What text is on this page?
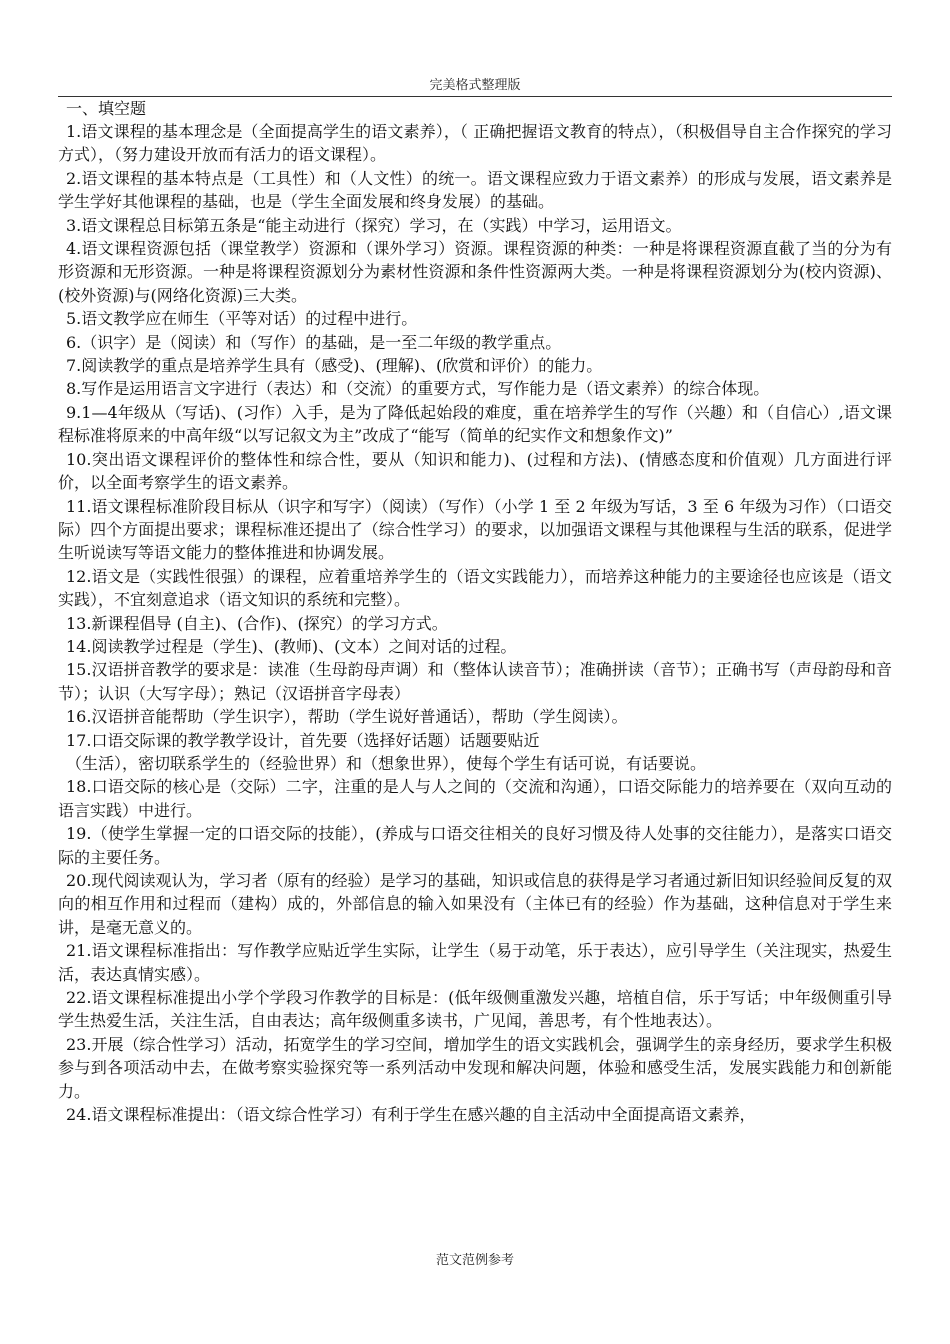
完美格式整理版
一、填空题

1.语文课程的基本理念是（全面提高学生的语文素养），（ 正确把握语文教育的特点），（积极倡导自主合作探究的学习方式），（努力建设开放而有活力的语文课程）。

2.语文课程的基本特点是（工具性）和（人文性）的统一。语文课程应致力于语文素养）的形成与发展，语文素养是学生学好其他课程的基础，也是（学生全面发展和终身发展）的基础。

3.语文课程总目标第五条是“能主动进行（探究）学习，在（实践）中学习，运用语文。

4.语文课程资源包括（课堂教学）资源和（课外学习）资源。课程资源的种类：一种是将课程资源直截了当的分为有形资源和无形资源。一种是将课程资源划分为素材性资源和条件性资源两大类。一种是将课程资源划分为(校内资源)、(校外资源)与(网络化资源)三大类。

5.语文教学应在师生（平等对话）的过程中进行。

6.（识字）是（阅读）和（写作）的基础，是一至二年级的教学重点。

7.阅读教学的重点是培养学生具有（感受)、(理解)、(欣赏和评价）的能力。

8.写作是运用语言文字进行（表达）和（交流）的重要方式，写作能力是（语文素养）的综合体现。

9.1—4年级从（写话)、(习作）入手，是为了降低起始段的难度，重在培养学生的写作（兴趣）和（自信心）,语文课程标准将原来的中高年级“以写记叙文为主”改成了“能写（简单的纪实作文和想象作文)”

10.突出语文课程评价的整体性和综合性，要从（知识和能力)、(过程和方法)、(情感态度和价值观）几方面进行评价，以全面考察学生的语文素养。

11.语文课程标准阶段目标从（识字和写字）（阅读）（写作）（小学 1 至 2 年级为写话，3 至 6 年级为习作）（口语交际）四个方面提出要求；课程标准还提出了（综合性学习）的要求，以加强语文课程与其他课程与生活的联系，促进学生听说读写等语文能力的整体推进和协调发展。

12.语文是（实践性很强）的课程，应着重培养学生的（语文实践能力），而培养这种能力的主要途径也应该是（语文实践），不宜刻意追求（语文知识的系统和完整）。

13.新课程倡导 (自主)、(合作)、(探究）的学习方式。

14.阅读教学过程是（学生)、(教师)、(文本）之间对话的过程。

15.汉语拼音教学的要求是：读准（生母韵母声调）和（整体认读音节）；准确拼读（音节）；正确书写（声母韵母和音节）；认识（大写字母）；熟记（汉语拼音字母表）

16.汉语拼音能帮助（学生识字），帮助（学生说好普通话），帮助（学生阅读）。

17.口语交际课的教学教学设计，首先要（选择好话题）话题要贴近

（生活），密切联系学生的（经验世界）和（想象世界），使每个学生有话可说，有话要说。

18.口语交际的核心是（交际）二字，注重的是人与人之间的（交流和沟通），口语交际能力的培养要在（双向互动的语言实践）中进行。

19.（使学生掌握一定的口语交际的技能），(养成与口语交往相关的良好习惯及待人处事的交往能力），是落实口语交际的主要任务。

20.现代阅读观认为，学习者（原有的经验）是学习的基础，知识或信息的获得是学习者通过新旧知识经验间反复的双向的相互作用和过程而（建构）成的，外部信息的输入如果没有（主体已有的经验）作为基础，这种信息对于学生来讲，是毫无意义的。

21.语文课程标准指出：写作教学应贴近学生实际，让学生（易于动笔，乐于表达），应引导学生（关注现实，热爱生活，表达真情实感）。

22.语文课程标准提出小学个学段习作教学的目标是：(低年级侧重激发兴趣，培植自信，乐于写话；中年级侧重引导学生热爱生活，关注生活，自由表达；高年级侧重多读书，广见闻，善思考，有个性地表达）。

23.开展（综合性学习）活动，拓宽学生的学习空间，增加学生的语文实践机会，强调学生的亲身经历，要求学生积极参与到各项活动中去，在做考察实验探究等一系列活动中发现和解决问题，体验和感受生活，发展实践能力和创新能力。

24.语文课程标准提出：（语文综合性学习）有利于学生在感兴趣的自主活动中全面提高语文素养，

范文范例参考
